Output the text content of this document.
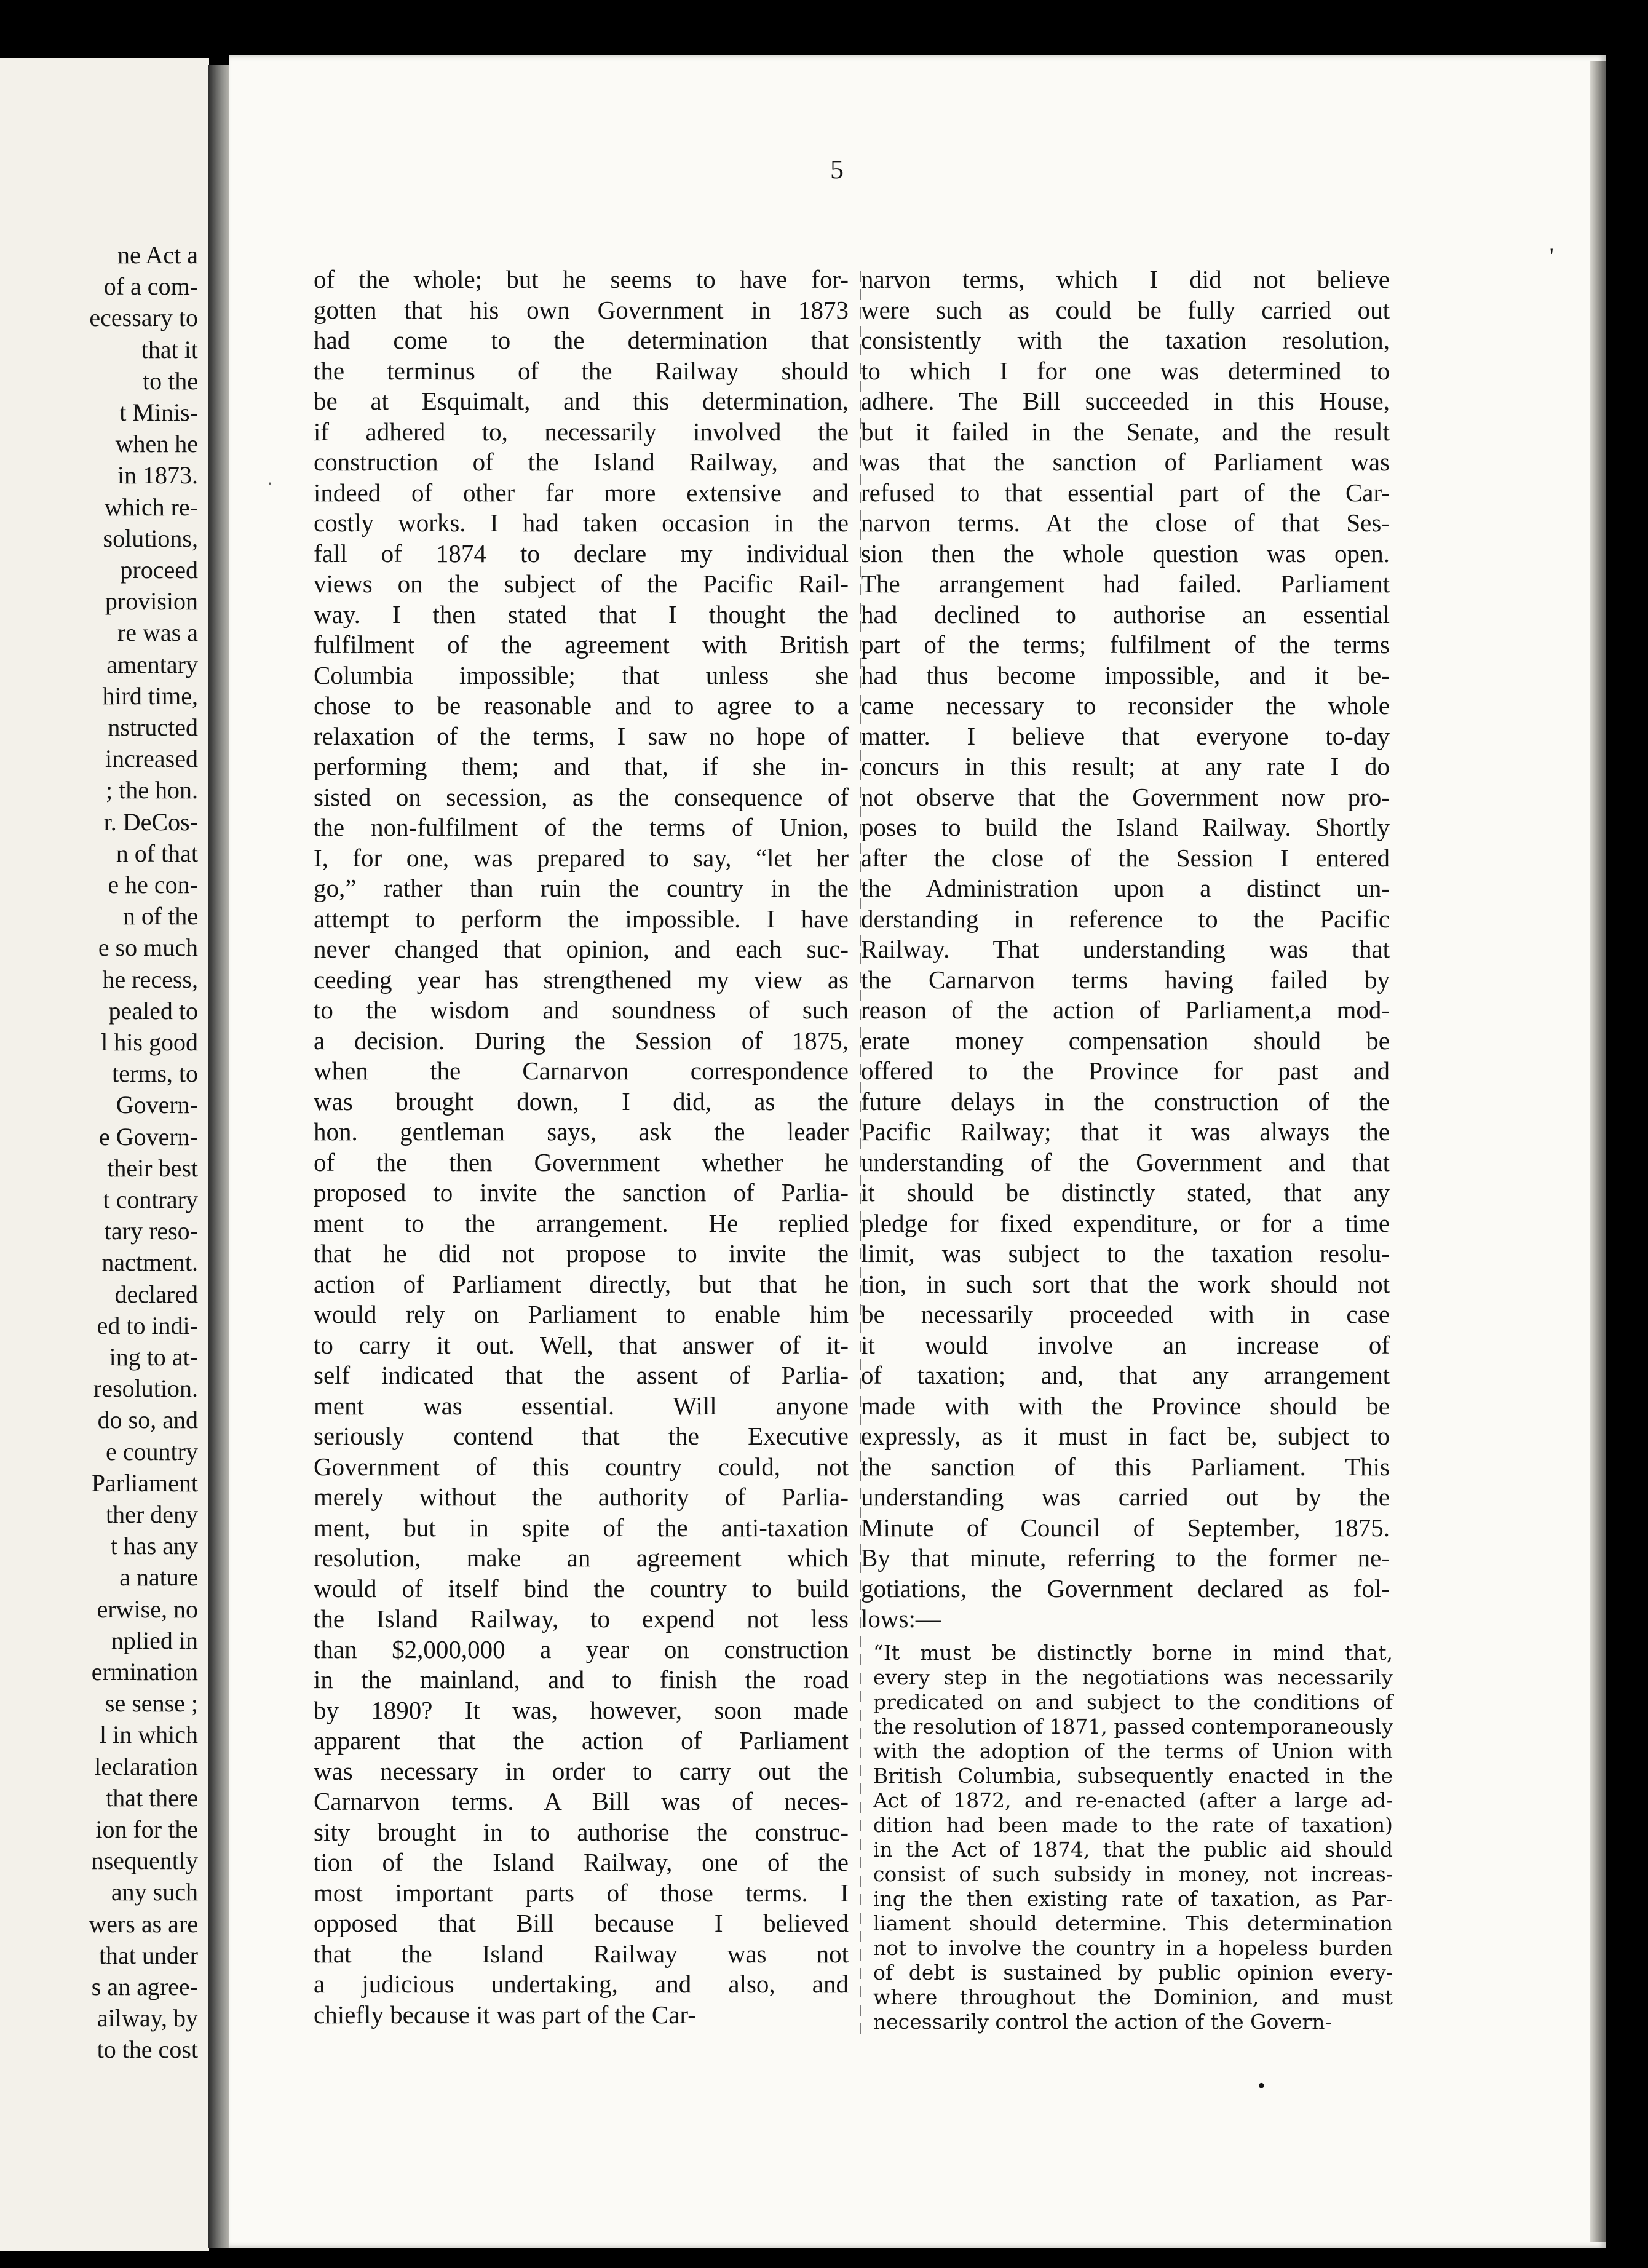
ne Act a
of a com-
ecessary to
that it
to the
t Minis-
when he
in 1873.
which re-
solutions,
proceed
provision
re was a
amentary
hird time,
nstructed
increased
; the hon.
r. DeCos-
n of that
e he con-
n of the
e so much
he recess,
pealed to
l his good
terms, to
Govern-
e Govern-
their best
t contrary
tary reso-
nactment.
declared
ed to indi-
ing to at-
resolution.
do so, and
e country
Parliament
ther deny
t has any
a nature
erwise, no
nplied in
ermination
se sense ;
l in which
leclaration
that there
ion for the
nsequently
any such
wers as are
that under
s an agree-
ailway, by
to the cost
5
of the whole; but he seems to have for-
gotten that his own Government in 1873
had come to the determination that
the terminus of the Railway should
be at Esquimalt, and this determination,
if adhered to, necessarily involved the
construction of the Island Railway, and
indeed of other far more extensive and
costly works. I had taken occasion in the
fall of 1874 to declare my individual
views on the subject of the Pacific Rail-
way. I then stated that I thought the
fulfilment of the agreement with British
Columbia impossible; that unless she
chose to be reasonable and to agree to a
relaxation of the terms, I saw no hope of
performing them; and that, if she in-
sisted on secession, as the consequence of
the non-fulfilment of the terms of Union,
I, for one, was prepared to say, “let her
go,” rather than ruin the country in the
attempt to perform the impossible. I have
never changed that opinion, and each suc-
ceeding year has strengthened my view as
to the wisdom and soundness of such
a decision. During the Session of 1875,
when the Carnarvon correspondence
was brought down, I did, as the
hon. gentleman says, ask the leader
of the then Government whether he
proposed to invite the sanction of Parlia-
ment to the arrangement. He replied
that he did not propose to invite the
action of Parliament directly, but that he
would rely on Parliament to enable him
to carry it out. Well, that answer of it-
self indicated that the assent of Parlia-
ment was essential. Will anyone
seriously contend that the Executive
Government of this country could, not
merely without the authority of Parlia-
ment, but in spite of the anti-taxation
resolution, make an agreement which
would of itself bind the country to build
the Island Railway, to expend not less
than $2,000,000 a year on construction
in the mainland, and to finish the road
by 1890? It was, however, soon made
apparent that the action of Parliament
was necessary in order to carry out the
Carnarvon terms. A Bill was of neces-
sity brought in to authorise the construc-
tion of the Island Railway, one of the
most important parts of those terms. I
opposed that Bill because I believed
that the Island Railway was not
a judicious undertaking, and also, and
chiefly because it was part of the Car-
narvon terms, which I did not believe
were such as could be fully carried out
consistently with the taxation resolution,
to which I for one was determined to
adhere. The Bill succeeded in this House,
but it failed in the Senate, and the result
was that the sanction of Parliament was
refused to that essential part of the Car-
narvon terms. At the close of that Ses-
sion then the whole question was open.
The arrangement had failed. Parliament
had declined to authorise an essential
part of the terms; fulfilment of the terms
had thus become impossible, and it be-
came necessary to reconsider the whole
matter. I believe that everyone to-day
concurs in this result; at any rate I do
not observe that the Government now pro-
poses to build the Island Railway. Shortly
after the close of the Session I entered
the Administration upon a distinct un-
derstanding in reference to the Pacific
Railway. That understanding was that
the Carnarvon terms having failed by
reason of the action of Parliament,a mod-
erate money compensation should be
offered to the Province for past and
future delays in the construction of the
Pacific Railway; that it was always the
understanding of the Government and that
it should be distinctly stated, that any
pledge for fixed expenditure, or for a time
limit, was subject to the taxation resolu-
tion, in such sort that the work should not
be necessarily proceeded with in case
it would involve an increase of
of taxation; and, that any arrangement
made with with the Province should be
expressly, as it must in fact be, subject to
the sanction of this Parliament. This
understanding was carried out by the
Minute of Council of September, 1875.
By that minute, referring to the former ne-
gotiations, the Government declared as fol-
lows:—
“It must be distinctly borne in mind that,
every step in the negotiations was necessarily
predicated on and subject to the conditions of
the resolution of 1871, passed contemporaneously
with the adoption of the terms of Union with
British Columbia, subsequently enacted in the
Act of 1872, and re-enacted (after a large ad-
dition had been made to the rate of taxation)
in the Act of 1874, that the public aid should
consist of such subsidy in money, not increas-
ing the then existing rate of taxation, as Par-
liament should determine. This determination
not to involve the country in a hopeless burden
of debt is sustained by public opinion every-
where throughout the Dominion, and must
necessarily control the action of the Govern-
'
•
·
